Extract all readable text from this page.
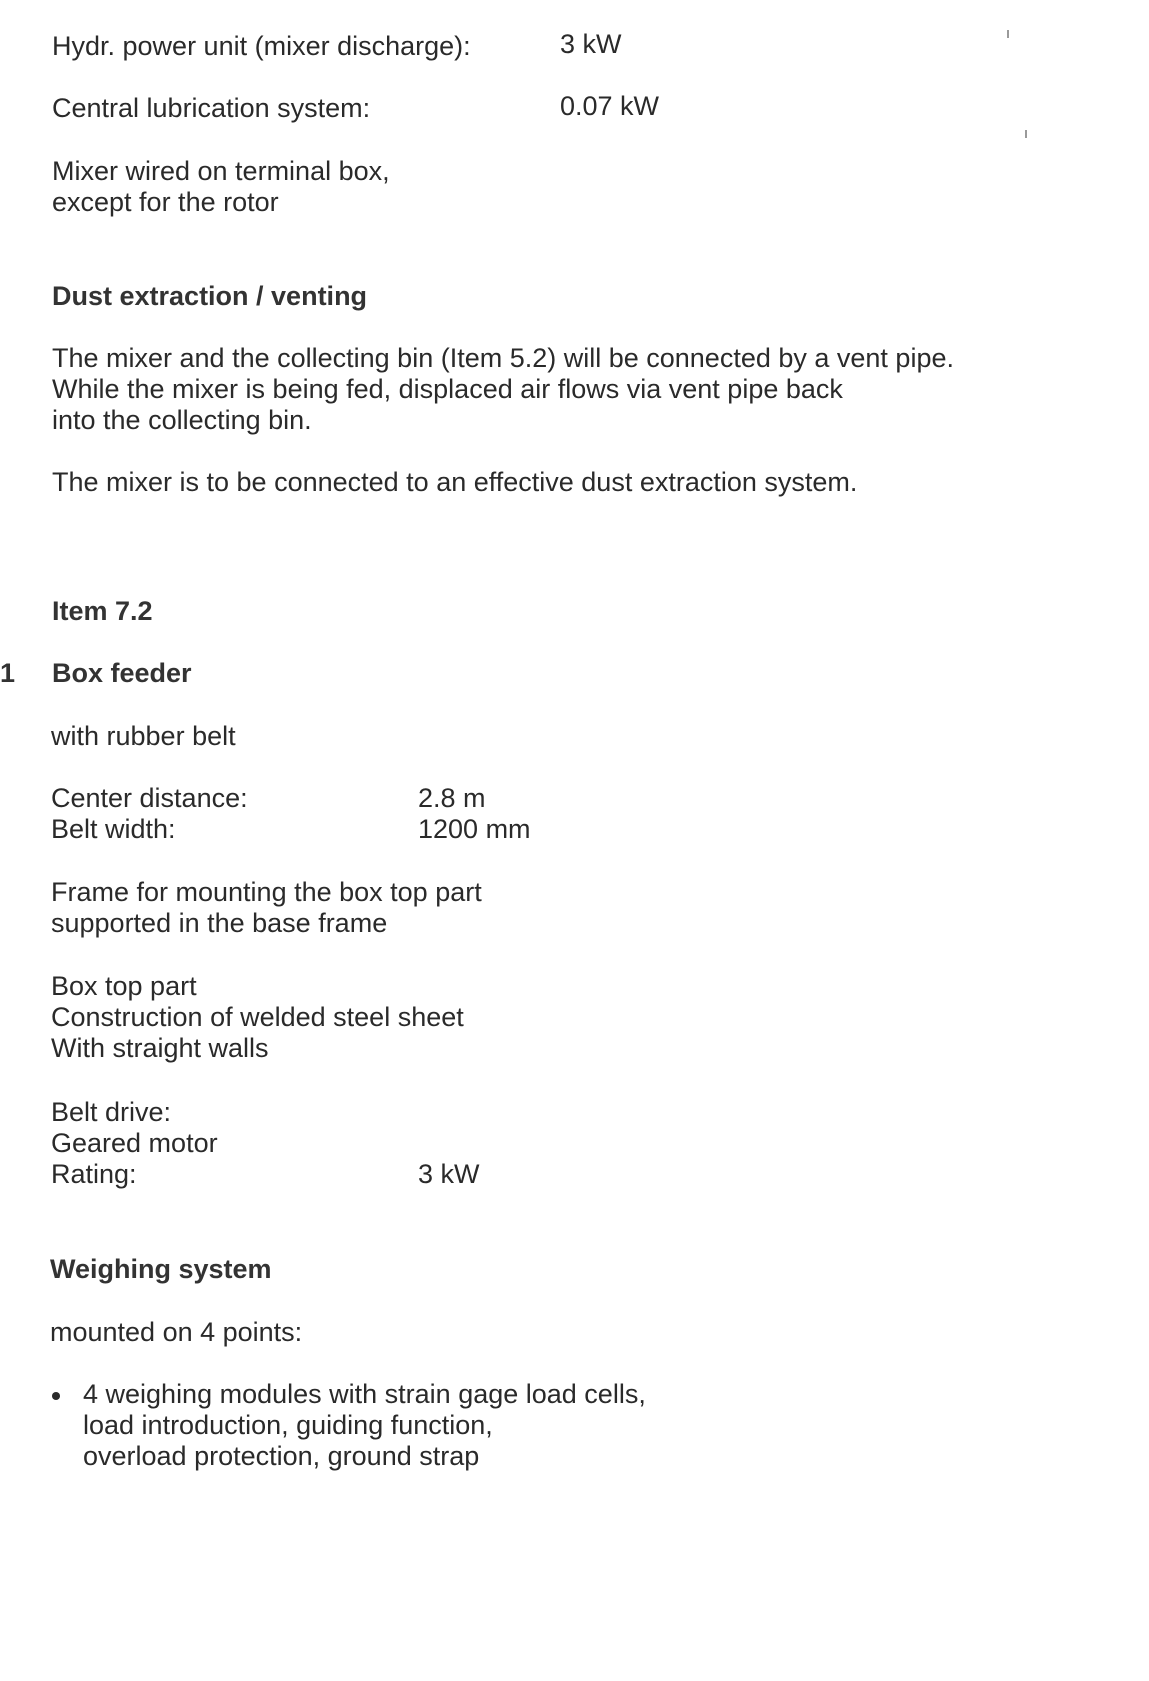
Hydr. power unit (mixer discharge):	3 kW
Central lubrication system:	0.07 kW
Mixer wired on terminal box,
except for the rotor
Dust extraction / venting
The mixer and the collecting bin (Item 5.2) will be connected by a vent pipe.
While the mixer is being fed, displaced air flows via vent pipe back
into the collecting bin.
The mixer is to be connected to an effective dust extraction system.
Item 7.2
1 Box feeder
with rubber belt
Center distance:	2.8 m
Belt width:	1200 mm
Frame for mounting the box top part
supported in the base frame
Box top part
Construction of welded steel sheet
With straight walls
Belt drive:
Geared motor
Rating:	3 kW
Weighing system
mounted on 4 points:
4 weighing modules with strain gage load cells,
load introduction, guiding function,
overload protection, ground strap
